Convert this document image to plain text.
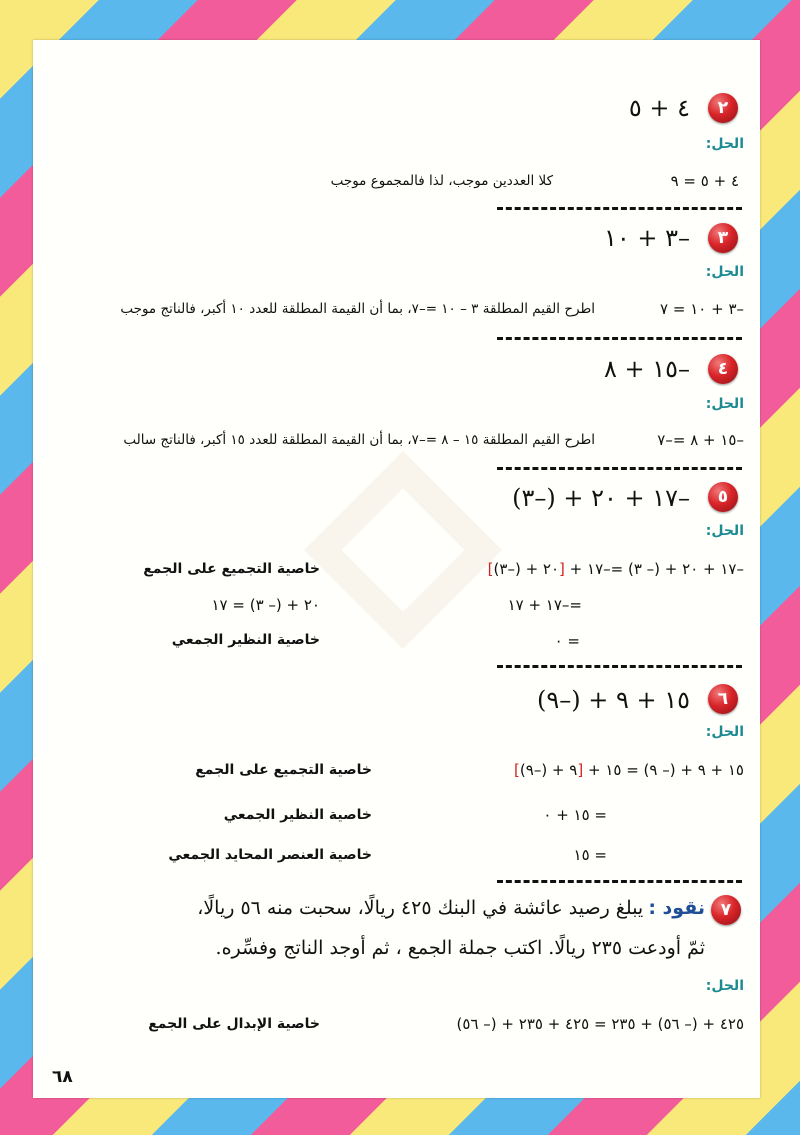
٢
٤ + ٥
الحل:
٤ + ٥ = ٩
كلا العددين موجب، لذا فالمجموع موجب
٣
–٣ + ١٠
الحل:
–٣ + ١٠ = ٧
اطرح القيم المطلقة ٣ – ١٠ =–٧، بما أن القيمة المطلقة للعدد ١٠ أكبر، فالناتج موجب
٤
–١٥ + ٨
الحل:
–١٥ + ٨ =–٧
اطرح القيم المطلقة ١٥ – ٨ =–٧، بما أن القيمة المطلقة للعدد ١٥ أكبر، فالناتج سالب
٥
–١٧ + ٢٠ + (–٣)
الحل:
–١٧ + ٢٠ + (– ٣) =–١٧ + [٢٠ + (–٣)]
خاصية التجميع على الجمع
=–١٧ + ١٧
٢٠ + (– ٣) = ١٧
= ٠
خاصية النظير الجمعي
٦
١٥ + ٩ + (–٩)
الحل:
١٥ + ٩ + (– ٩) = ١٥ + [٩ + (–٩)]
خاصية التجميع على الجمع
= ١٥ + ٠
خاصية النظير الجمعي
= ١٥
خاصية العنصر المحايد الجمعي
٧
نقود : يبلغ رصيد عائشة في البنك ٤٢٥ ريالًا، سحبت منه ٥٦ ريالًا،
ثمّ أودعت ٢٣٥ ريالًا. اكتب جملة الجمع ، ثم أوجد الناتج وفسِّره.
الحل:
٤٢٥ + (– ٥٦) + ٢٣٥ = ٤٢٥ + ٢٣٥ + (– ٥٦)
خاصية الإبدال على الجمع
٦٨
